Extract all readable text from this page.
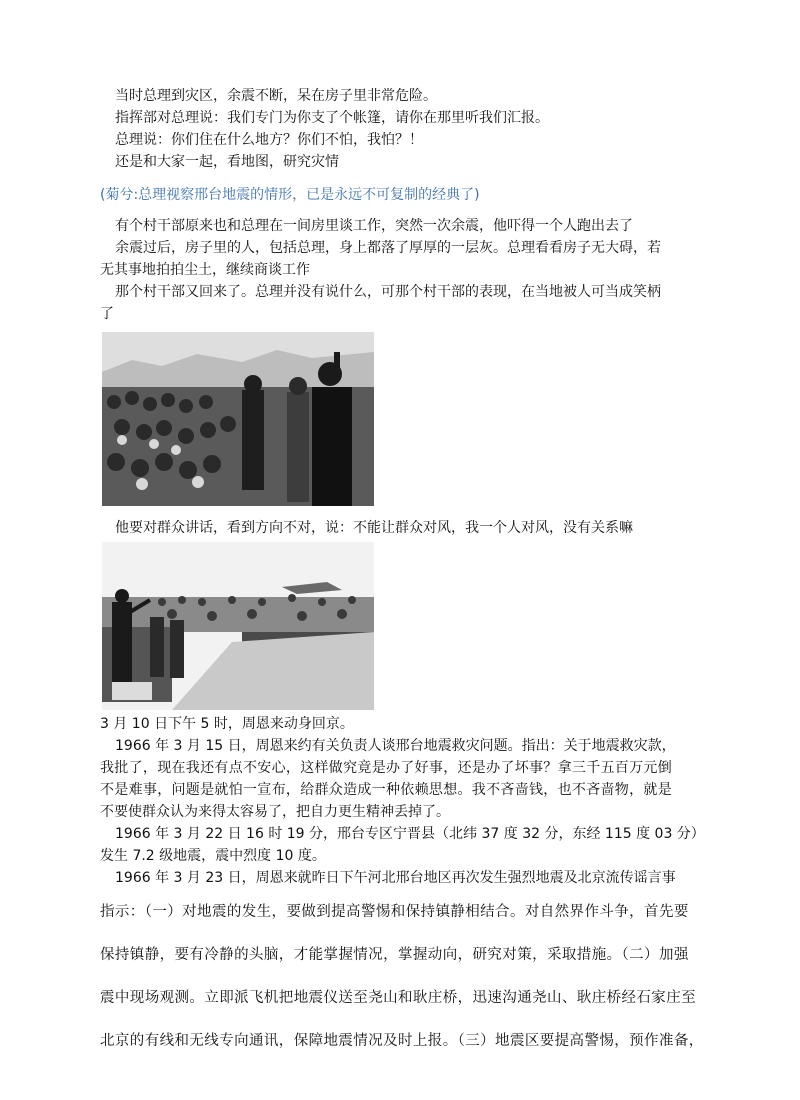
当时总理到灾区，余震不断，呆在房子里非常危险。
指挥部对总理说：我们专门为你支了个帐篷，请你在那里听我们汇报。
总理说：你们住在什么地方？你们不怕，我怕？！
还是和大家一起，看地图，研究灾情
(菊兮:总理视察邢台地震的情形，已是永远不可复制的经典了)
有个村干部原来也和总理在一间房里谈工作，突然一次余震，他吓得一个人跑出去了
余震过后，房子里的人，包括总理，身上都落了厚厚的一层灰。总理看看房子无大碍，若
无其事地拍拍尘土，继续商谈工作
那个村干部又回来了。总理并没有说什么，可那个村干部的表现，在当地被人可当成笑柄
了
他要对群众讲话，看到方向不对，说：不能让群众对风，我一个人对风，没有关系嘛
3 月 10 日下午 5 时，周恩来动身回京。
1966 年 3 月 15 日，周恩来约有关负责人谈邢台地震救灾问题。指出：关于地震救灾款，
我批了，现在我还有点不安心，这样做究竟是办了好事，还是办了坏事？拿三千五百万元倒
不是难事，问题是就怕一宣布，给群众造成一种依赖思想。我不吝啬钱，也不吝啬物，就是
不要使群众认为来得太容易了，把自力更生精神丢掉了。
1966 年 3 月 22 日 16 时 19 分，邢台专区宁晋县（北纬 37 度 32 分，东经 115 度 03 分）
发生 7.2 级地震，震中烈度 10 度。
1966 年 3 月 23 日，周恩来就昨日下午河北邢台地区再次发生强烈地震及北京流传谣言事
指示：（一）对地震的发生，要做到提高警惕和保持镇静相结合。对自然界作斗争，首先要
保持镇静，要有冷静的头脑，才能掌握情况，掌握动向，研究对策，采取措施。（二）加强
震中现场观测。立即派飞机把地震仪送至尧山和耿庄桥，迅速沟通尧山、耿庄桥经石家庄至
北京的有线和无线专向通讯，保障地震情况及时上报。（三）地震区要提高警惕，预作准备，
